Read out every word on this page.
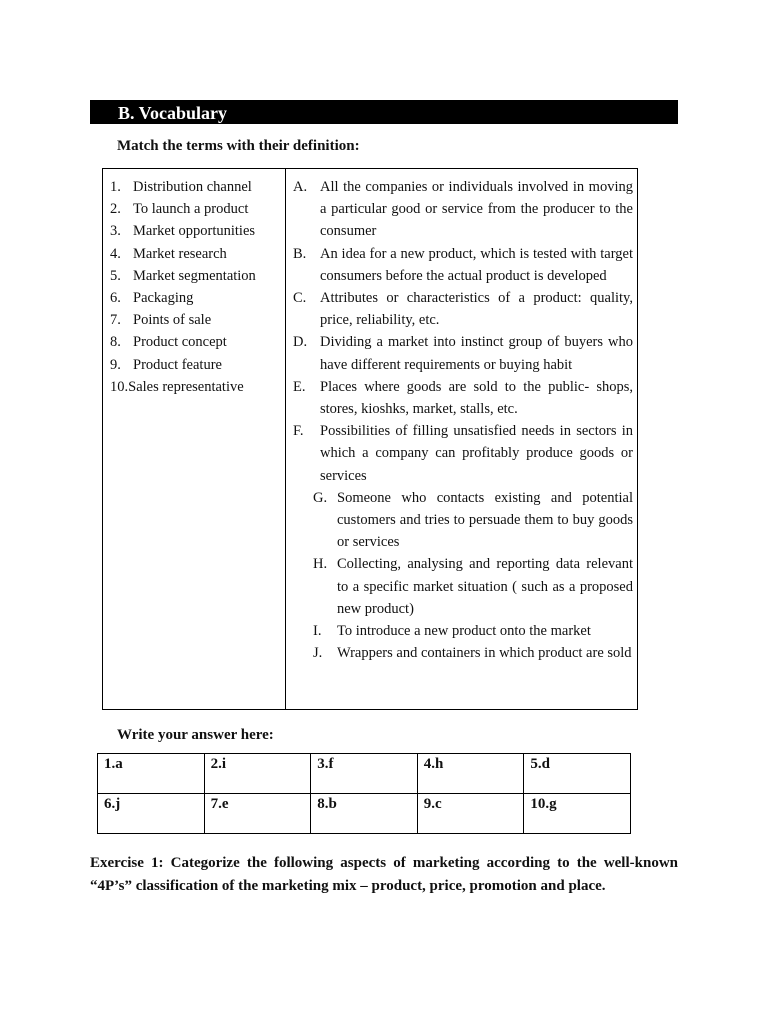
B. Vocabulary
Match the terms with their definition:
1. Distribution channel
2. To launch a product
3. Market opportunities
4. Market research
5. Market segmentation
6. Packaging
7. Points of sale
8. Product concept
9. Product feature
10.Sales representative
A. All the companies or individuals involved in moving a particular good or service from the producer to the consumer
B. An idea for a new product, which is tested with target consumers before the actual product is developed
C. Attributes or characteristics of a product: quality, price, reliability, etc.
D. Dividing a market into instinct group of buyers who have different requirements or buying habit
E. Places where goods are sold to the public- shops, stores, kioshks, market, stalls, etc.
F. Possibilities of filling unsatisfied needs in sectors in which a company can profitably produce goods or services
G. Someone who contacts existing and potential customers and tries to persuade them to buy goods or services
H. Collecting, analysing and reporting data relevant to a specific market situation ( such as a proposed new product)
I. To introduce a new product onto the market
J. Wrappers and containers in which product are sold
Write your answer here:
1.a	2.i	3.f	4.h	5.d
6.j	7.e	8.b	9.c	10.g
Exercise 1: Categorize the following aspects of marketing according to the well-known “4P’s” classification of the marketing mix – product, price, promotion and place.
